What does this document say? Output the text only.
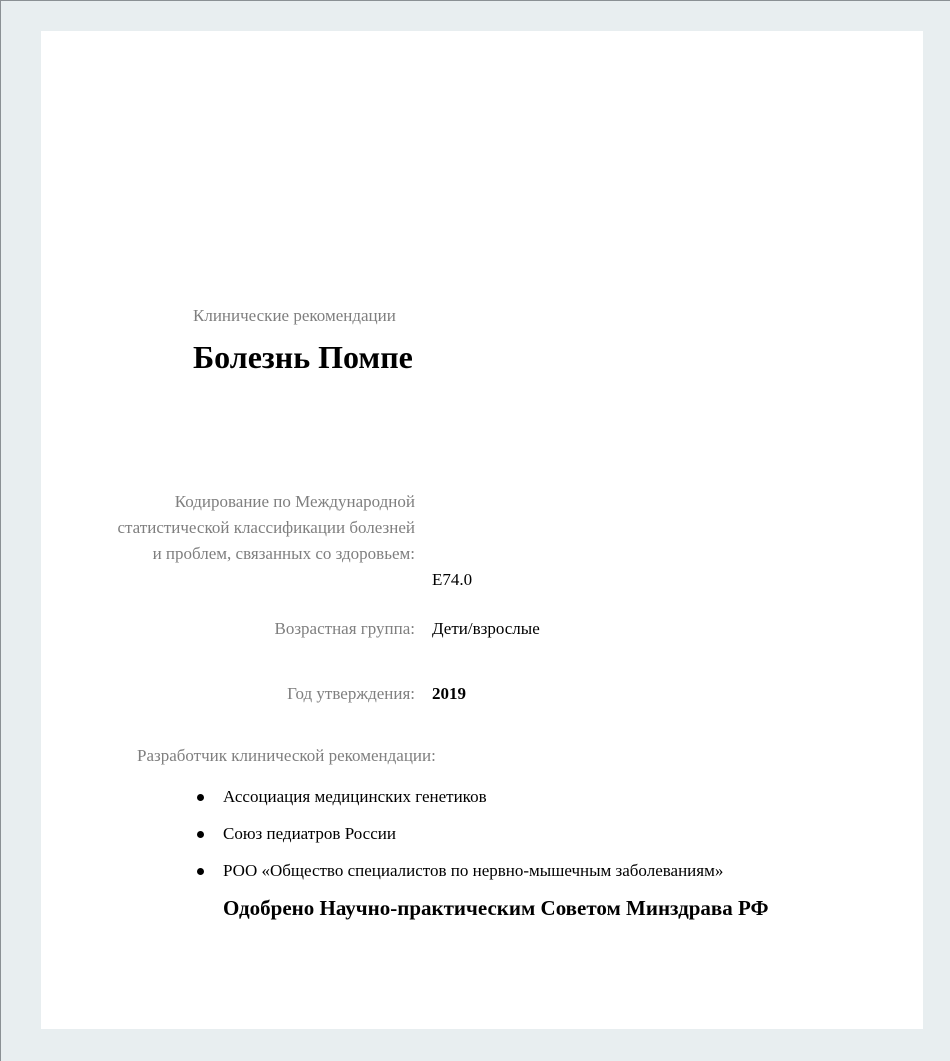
Клинические рекомендации
Болезнь Помпе
Кодирование по Международной статистической классификации болезней и проблем, связанных со здоровьем:
E74.0
Возрастная группа: Дети/взрослые
Год утверждения: 2019
Разработчик клинической рекомендации:
Ассоциация медицинских генетиков
Союз педиатров России
РОО «Общество специалистов по нервно-мышечным заболеваниям»
Одобрено Научно-практическим Советом Минздрава РФ
